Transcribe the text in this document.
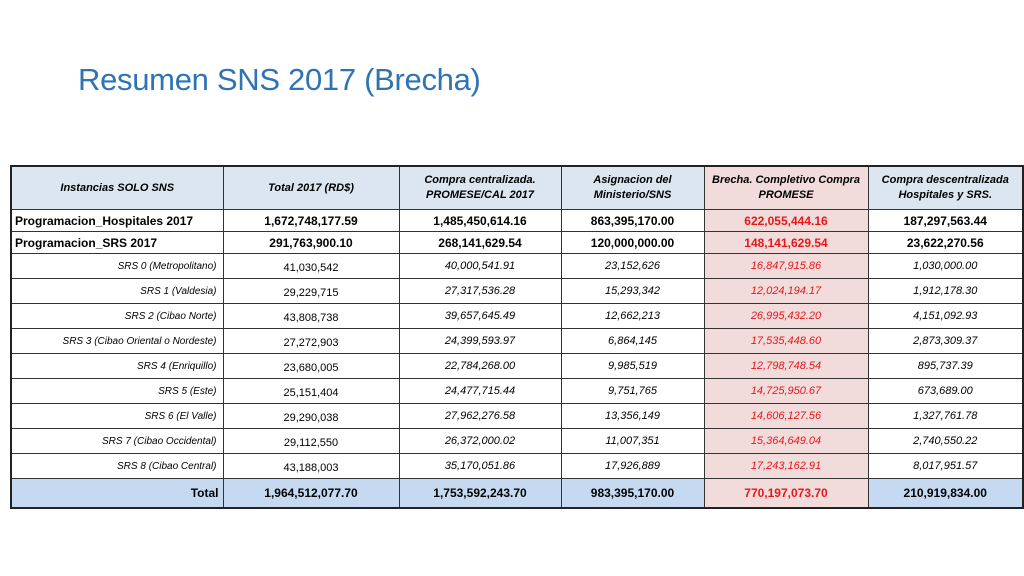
Resumen SNS 2017 (Brecha)
Instancias SOLO SNS	Total 2017 (RD$)	Compra centralizada. PROMESE/CAL 2017	Asignacion del Ministerio/SNS	Brecha. Completivo Compra PROMESE	Compra descentralizada Hospitales y SRS.
Programacion_Hospitales 2017	1,672,748,177.59	1,485,450,614.16	863,395,170.00	622,055,444.16	187,297,563.44
Programacion_SRS 2017	291,763,900.10	268,141,629.54	120,000,000.00	148,141,629.54	23,622,270.56
SRS 0 (Metropolitano)	41,030,542	40,000,541.91	23,152,626	16,847,915.86	1,030,000.00
SRS 1 (Valdesia)	29,229,715	27,317,536.28	15,293,342	12,024,194.17	1,912,178.30
SRS 2 (Cibao Norte)	43,808,738	39,657,645.49	12,662,213	26,995,432.20	4,151,092.93
SRS 3 (Cibao Oriental o Nordeste)	27,272,903	24,399,593.97	6,864,145	17,535,448.60	2,873,309.37
SRS 4 (Enriquillo)	23,680,005	22,784,268.00	9,985,519	12,798,748.54	895,737.39
SRS 5 (Este)	25,151,404	24,477,715.44	9,751,765	14,725,950.67	673,689.00
SRS 6 (El Valle)	29,290,038	27,962,276.58	13,356,149	14,606,127.56	1,327,761.78
SRS 7 (Cibao Occidental)	29,112,550	26,372,000.02	11,007,351	15,364,649.04	2,740,550.22
SRS 8 (Cibao Central)	43,188,003	35,170,051.86	17,926,889	17,243,162.91	8,017,951.57
Total	1,964,512,077.70	1,753,592,243.70	983,395,170.00	770,197,073.70	210,919,834.00
